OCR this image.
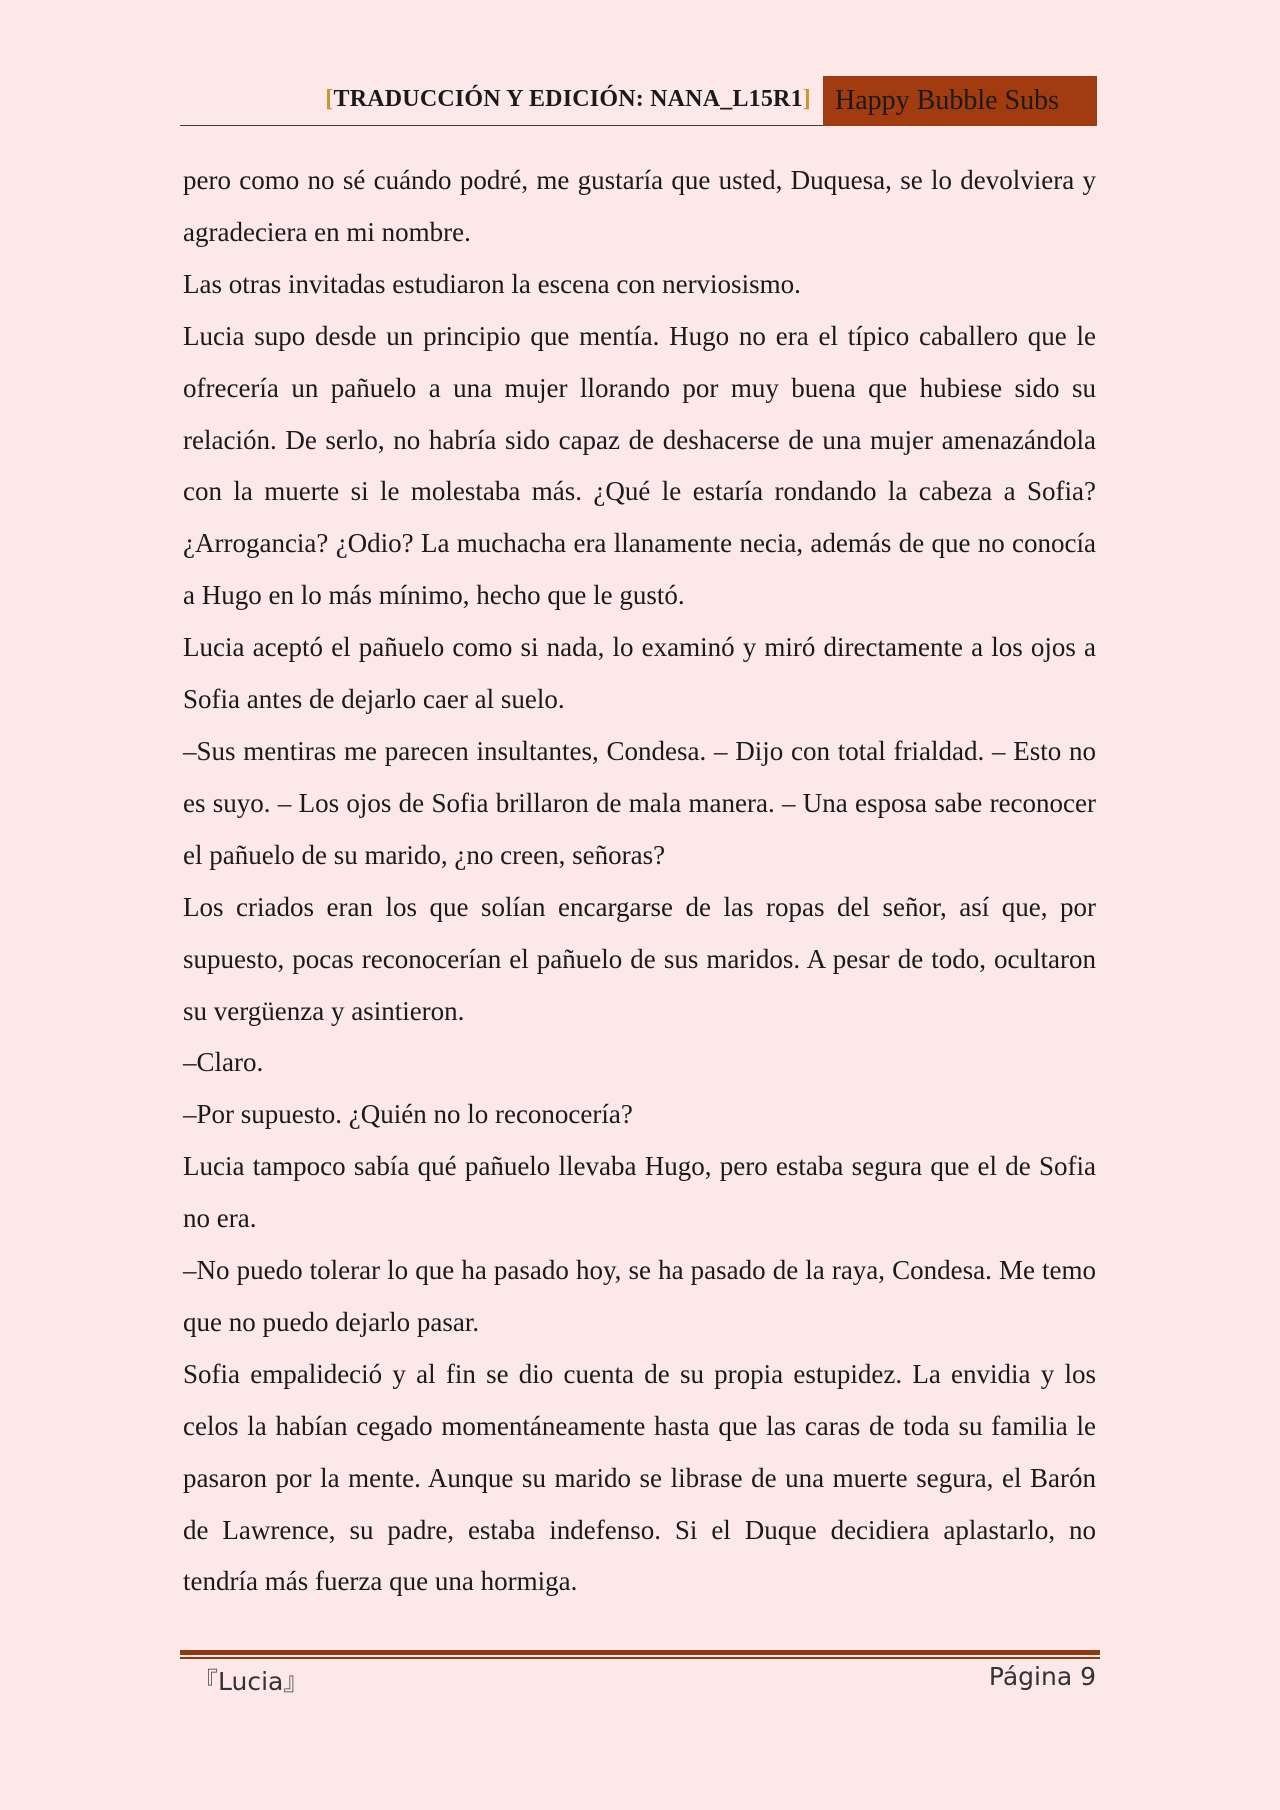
[TRADUCCIÓN Y EDICIÓN: NANA_L15R1] Happy Bubble Subs

pero como no sé cuándo podré, me gustaría que usted, Duquesa, se lo devolviera y agradeciera en mi nombre.

Las otras invitadas estudiaron la escena con nerviosismo.

Lucia supo desde un principio que mentía. Hugo no era el típico caballero que le ofrecería un pañuelo a una mujer llorando por muy buena que hubiese sido su relación. De serlo, no habría sido capaz de deshacerse de una mujer amenazándola con la muerte si le molestaba más. ¿Qué le estaría rondando la cabeza a Sofia? ¿Arrogancia? ¿Odio? La muchacha era llanamente necia, además de que no conocía a Hugo en lo más mínimo, hecho que le gustó.

Lucia aceptó el pañuelo como si nada, lo examinó y miró directamente a los ojos a Sofia antes de dejarlo caer al suelo.

–Sus mentiras me parecen insultantes, Condesa. – Dijo con total frialdad. – Esto no es suyo. – Los ojos de Sofia brillaron de mala manera. – Una esposa sabe reconocer el pañuelo de su marido, ¿no creen, señoras?

Los criados eran los que solían encargarse de las ropas del señor, así que, por supuesto, pocas reconocerían el pañuelo de sus maridos. A pesar de todo, ocultaron su vergüenza y asintieron.

–Claro.

–Por supuesto. ¿Quién no lo reconocería?

Lucia tampoco sabía qué pañuelo llevaba Hugo, pero estaba segura que el de Sofia no era.

–No puedo tolerar lo que ha pasado hoy, se ha pasado de la raya, Condesa. Me temo que no puedo dejarlo pasar.

Sofia empalideció y al fin se dio cuenta de su propia estupidez. La envidia y los celos la habían cegado momentáneamente hasta que las caras de toda su familia le pasaron por la mente. Aunque su marido se librase de una muerte segura, el Barón de Lawrence, su padre, estaba indefenso. Si el Duque decidiera aplastarlo, no tendría más fuerza que una hormiga.

『Lucia』	Página 9
